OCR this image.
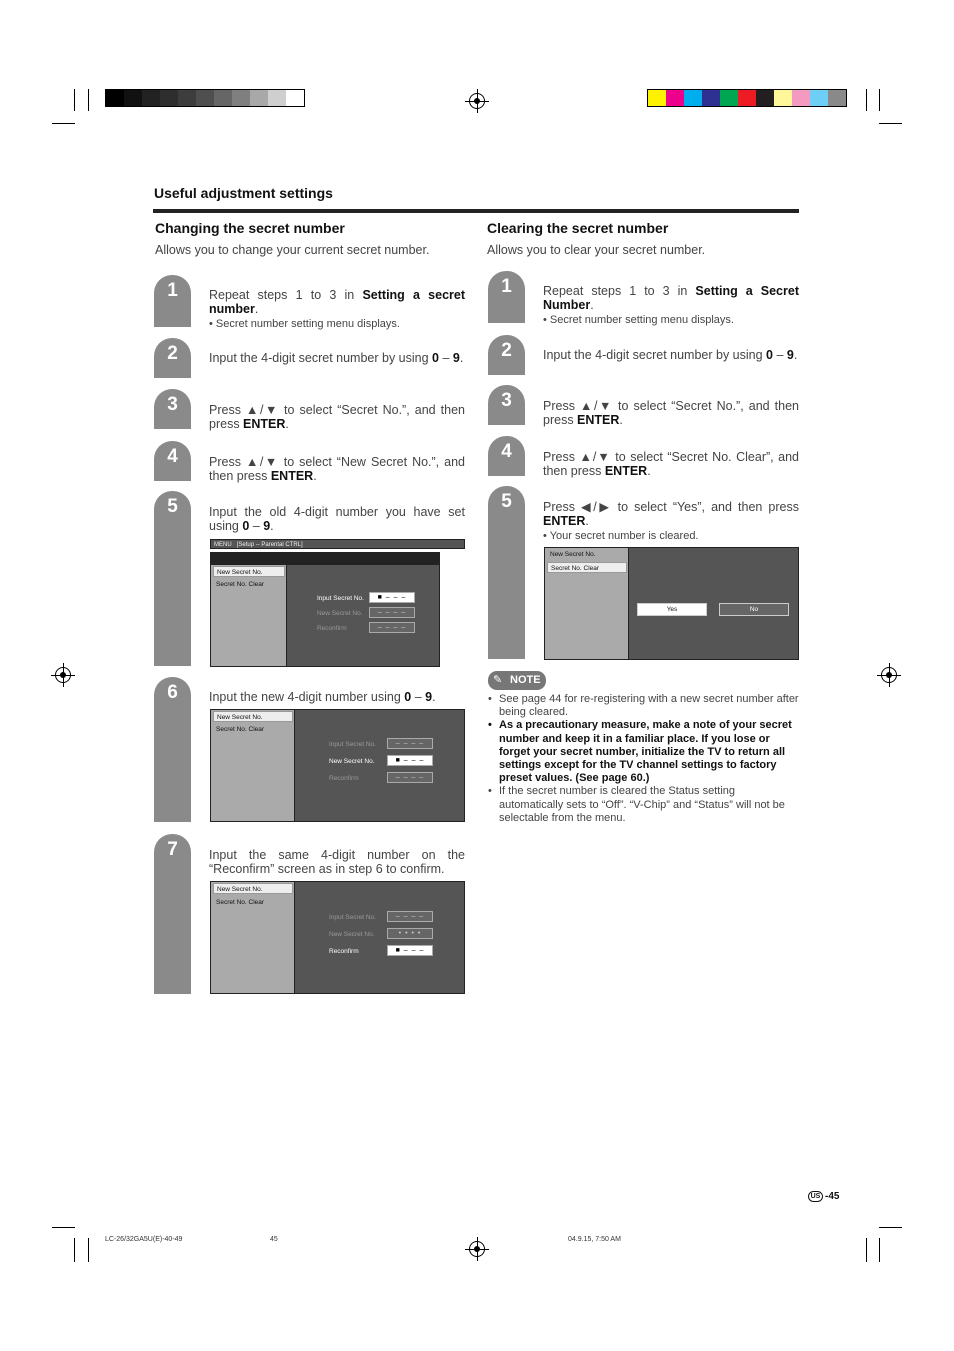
Useful adjustment settings
Changing the secret number
Allows you to change your current secret number.
Clearing the secret number
Allows you to clear your secret number.
1	Repeat steps 1 to 3 in Setting a secret number.
• Secret number setting menu displays.
2	Input the 4-digit secret number by using 0 – 9.
3	Press ▲/▼ to select “Secret No.”, and then press ENTER.
4	Press ▲/▼ to select “New Secret No.”, and then press ENTER.
5	Input the old 4-digit number you have set using 0 – 9.
MENU [Setup -- Parental CTRL]
New Secret No.
Secret No. Clear
Input Secret No.	■ – – –
New Secret No.	– – – –
Reconfirm	– – – –
6	Input the new 4-digit number using 0 – 9.
New Secret No.
Secret No. Clear
Input Secret No.	– – – –
New Secret No.	■ – – –
Reconfirm	– – – –
7	Input the same 4-digit number on the “Reconfirm” screen as in step 6 to confirm.
New Secret No.
Secret No. Clear
Input Secret No.	– – – –
New Secret No.	• • • •
Reconfirm	■ – – –
1	Repeat steps 1 to 3 in Setting a Secret Number.
• Secret number setting menu displays.
2	Input the 4-digit secret number by using 0 – 9.
3	Press ▲/▼ to select “Secret No.”, and then press ENTER.
4	Press ▲/▼ to select “Secret No. Clear”, and then press ENTER.
5	Press ◀/▶ to select “Yes”, and then press ENTER.
• Your secret number is cleared.
New Secret No.
Secret No. Clear
Yes	No
✎ NOTE
• See page 44 for re-registering with a new secret number after being cleared.
• As a precautionary measure, make a note of your secret number and keep it in a familiar place. If you lose or forget your secret number, initialize the TV to return all settings except for the TV channel settings to factory preset values. (See page 60.)
• If the secret number is cleared the Status setting automatically sets to “Off”. “V-Chip” and “Status” will not be selectable from the menu.
US -45
LC-26/32GA5U(E)-40-49	45	04.9.15, 7:50 AM
